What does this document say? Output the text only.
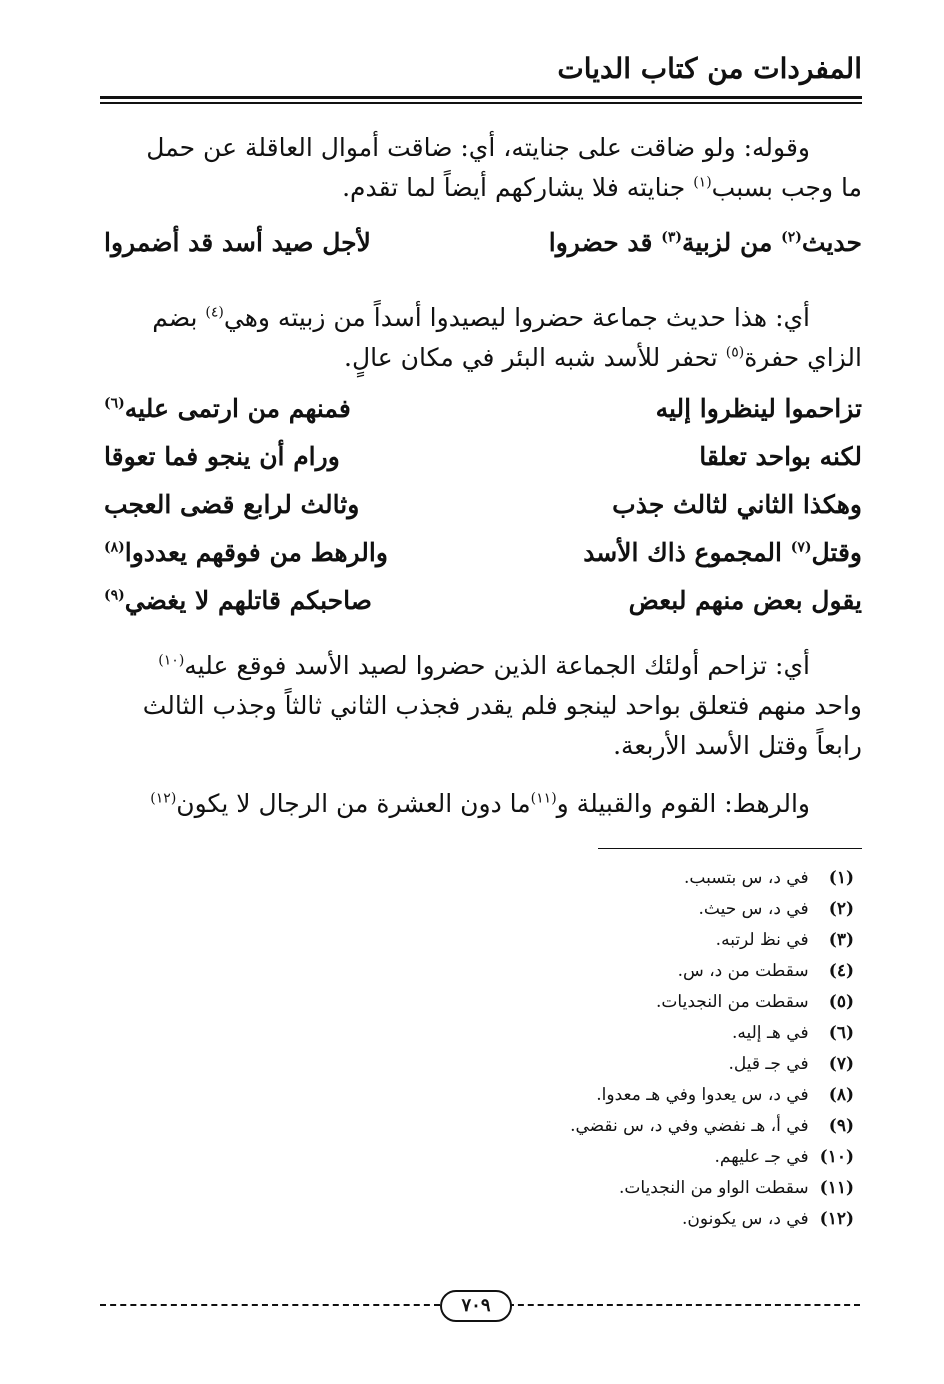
المفردات من كتاب الديات
وقوله: ولو ضاقت على جنايته، أي: ضاقت أموال العاقلة عن حمل
ما وجب بسبب$^{(١)}$ جنايته فلا يشاركهم أيضاً لما تقدم.
حديث$^{(٢)}$ من لزبية$^{(٣)}$ قد حضروا
لأجل صيد أسد قد أضمروا
أي: هذا حديث جماعة حضروا ليصيدوا أسداً من زبيته وهي$^{(٤)}$ بضم
الزاي حفرة$^{(٥)}$ تحفر للأسد شبه البئر في مكان عالٍ.
تزاحموا لينظروا إليه
فمنهم من ارتمى عليه$^{(٦)}$
لكنه بواحد تعلقا
ورام أن ينجو فما تعوقا
وهكذا الثاني لثالث جذب
وثالث لرابع قضى العجب
وقتل$^{(٧)}$ المجموع ذاك الأسد
والرهط من فوقهم يعددوا$^{(٨)}$
يقول بعض منهم لبعض
صاحبكم قاتلهم لا يغضي$^{(٩)}$
أي: تزاحم أولئك الجماعة الذين حضروا لصيد الأسد فوقع عليه$^{(١٠)}$
واحد منهم فتعلق بواحد لينجو فلم يقدر فجذب الثاني ثالثاً وجذب الثالث
رابعاً وقتل الأسد الأربعة.
والرهط: القوم والقبيلة و$^{(١١)}$ما دون العشرة من الرجال لا يكون$^{(١٢)}$
(١) في د، س بتسبب.
(٢) في د، س حيث.
(٣) في نظ لرتبه.
(٤) سقطت من د، س.
(٥) سقطت من النجديات.
(٦) في هـ إليه.
(٧) في جـ قيل.
(٨) في د، س يعدوا وفي هـ معدوا.
(٩) في أ، هـ نفضي وفي د، س نقضي.
(١٠) في جـ عليهم.
(١١) سقطت الواو من النجديات.
(١٢) في د، س يكونون.
٧٠٩
